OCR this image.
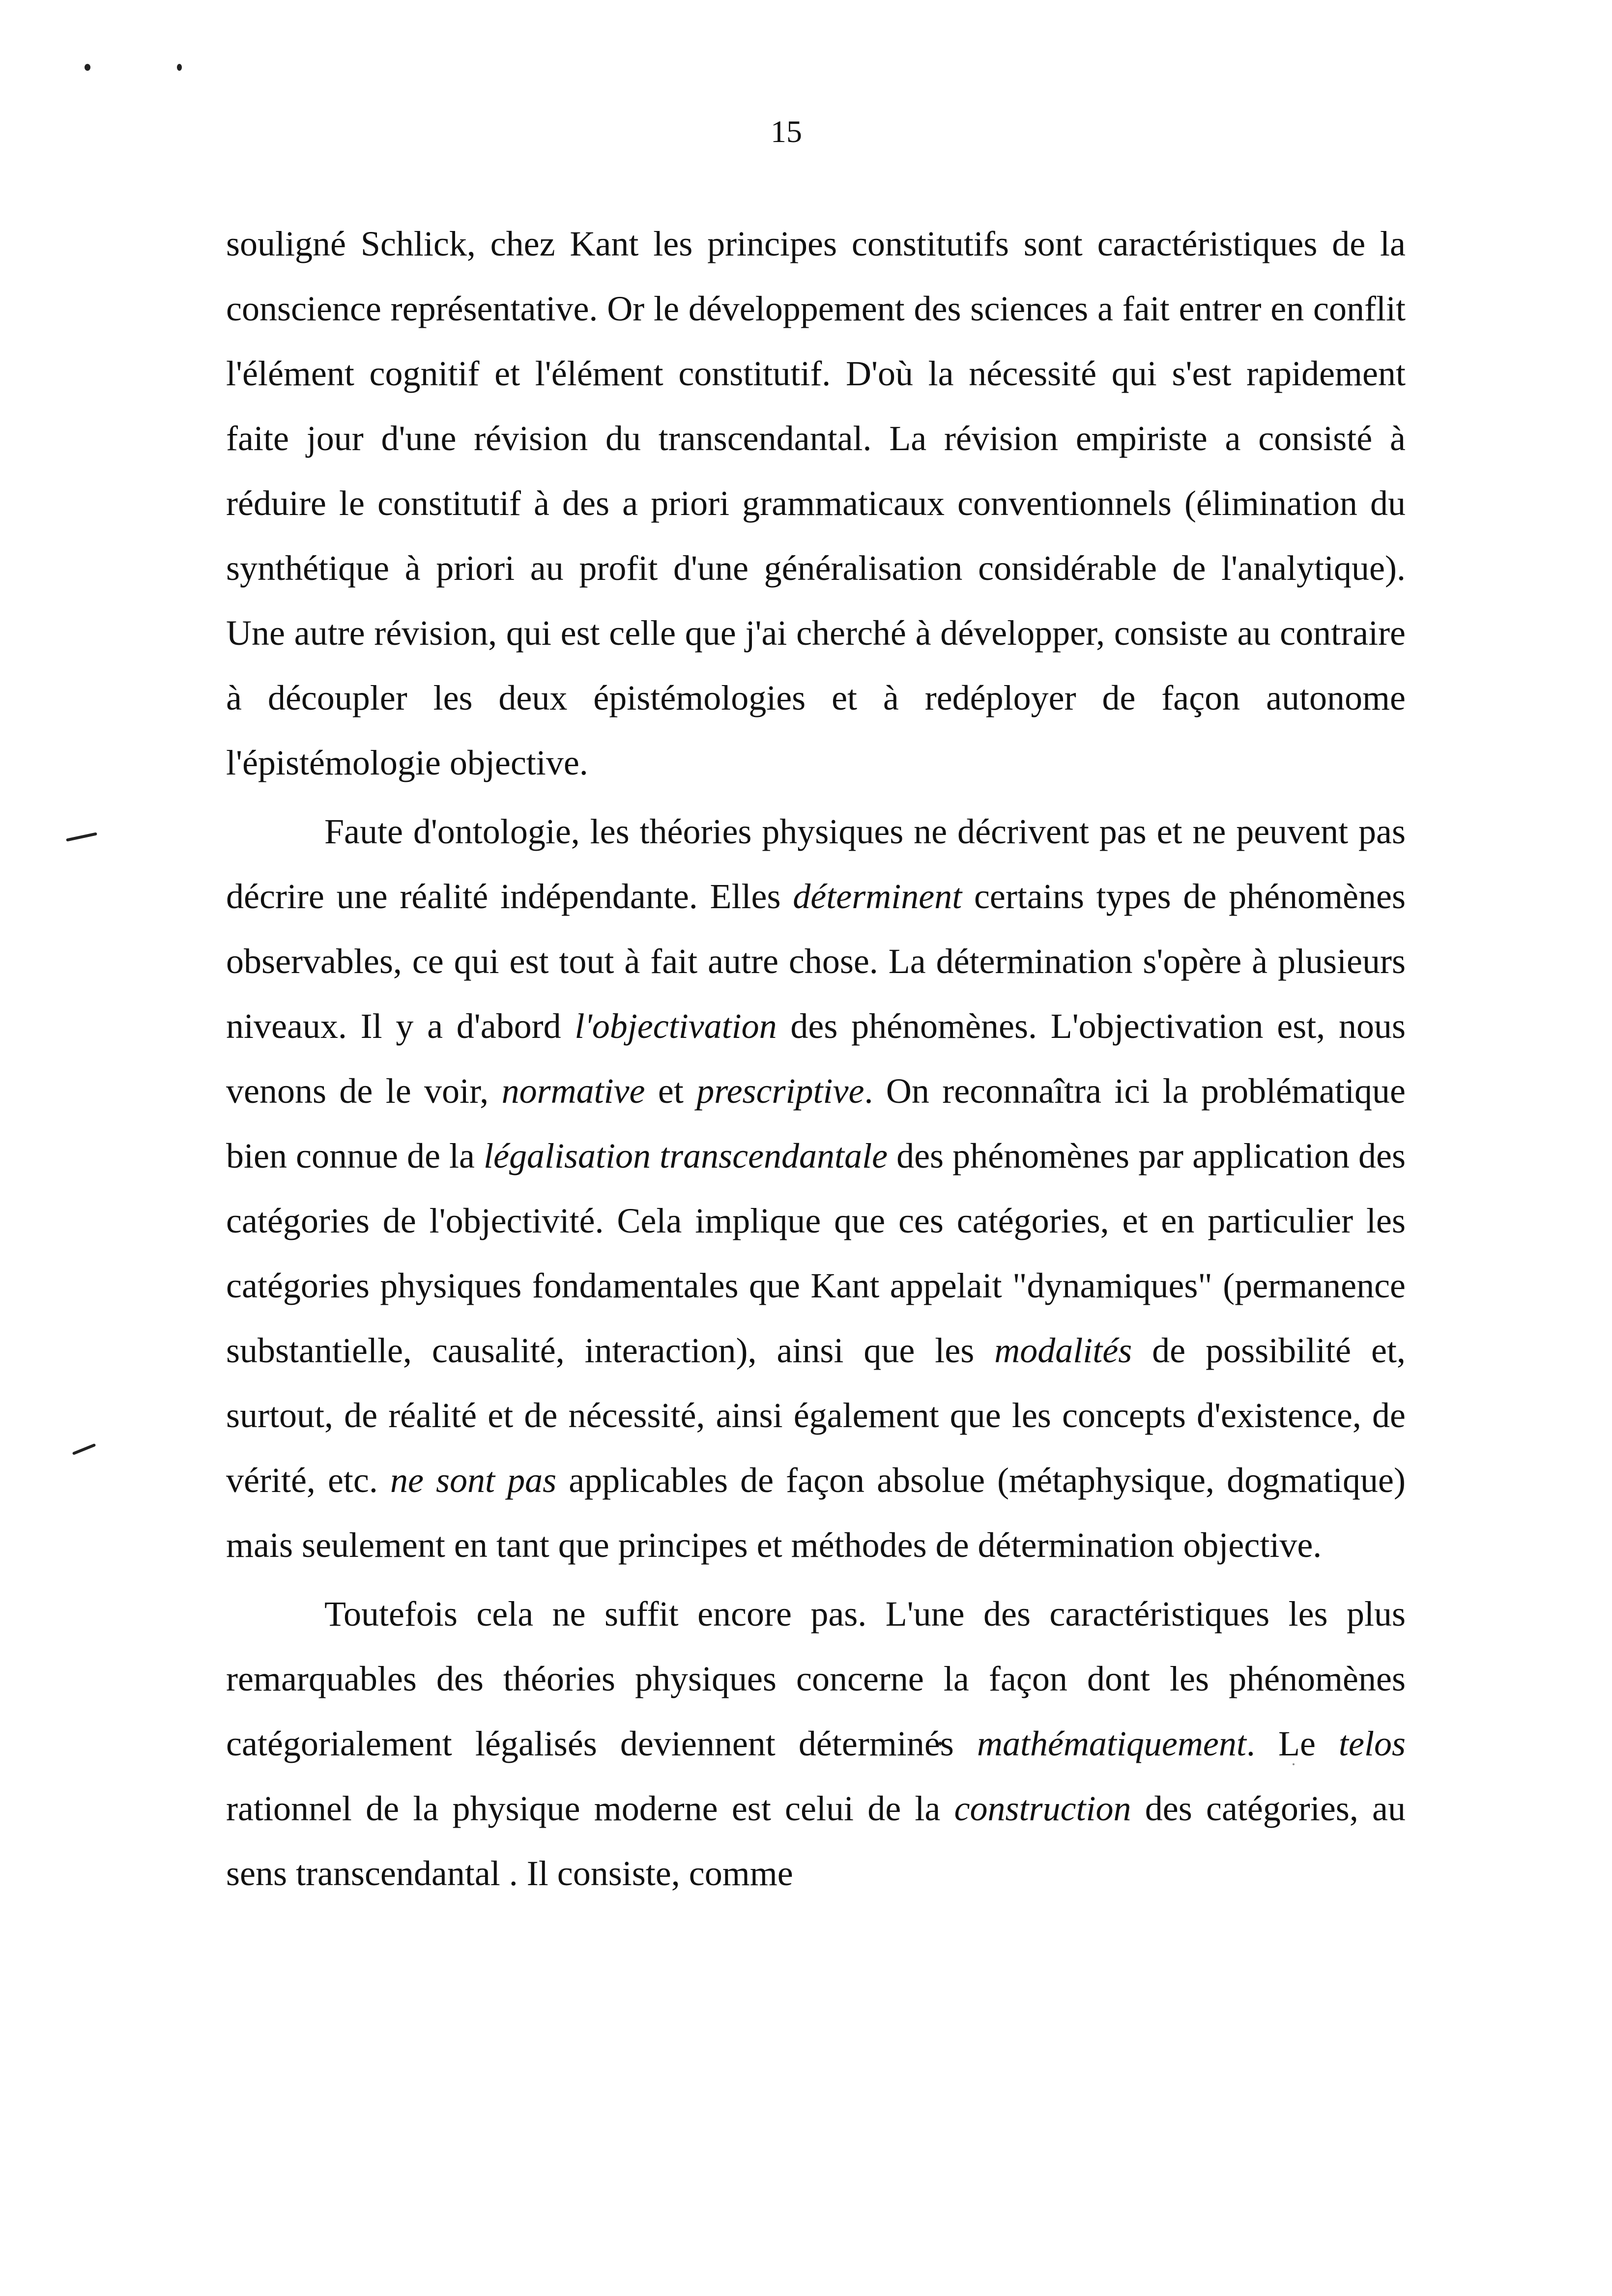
15

souligné Schlick, chez Kant les principes constitutifs sont caractéristiques de la conscience représentative. Or le développement des sciences a fait entrer en conflit l'élément cognitif et l'élément constitutif. D'où la nécessité qui s'est rapidement faite jour d'une révision du transcendantal. La révision empiriste a consisté à réduire le constitutif à des a priori grammaticaux conventionnels (élimination du synthétique à priori au profit d'une généralisation considérable de l'analytique). Une autre révision, qui est celle que j'ai cherché à développer, consiste au contraire à découpler les deux épistémologies et à redéployer de façon autonome l'épistémologie objective.

Faute d'ontologie, les théories physiques ne décrivent pas et ne peuvent pas décrire une réalité indépendante. Elles déterminent certains types de phénomènes observables, ce qui est tout à fait autre chose. La détermination s'opère à plusieurs niveaux. Il y a d'abord l'objectivation des phénomènes. L'objectivation est, nous venons de le voir, normative et prescriptive. On reconnaîtra ici la problématique bien connue de la légalisation transcendantale des phénomènes par application des catégories de l'objectivité. Cela implique que ces catégories, et en particulier les catégories physiques fondamentales que Kant appelait "dynamiques" (permanence substantielle, causalité, interaction), ainsi que les modalités de possibilité et, surtout, de réalité et de nécessité, ainsi également que les concepts d'existence, de vérité, etc. ne sont pas applicables de façon absolue (métaphysique, dogmatique) mais seulement en tant que principes et méthodes de détermination objective.

Toutefois cela ne suffit encore pas. L'une des caractéristiques les plus remarquables des théories physiques concerne la façon dont les phénomènes catégorialement légalisés deviennent déterminés mathématiquement. Le telos rationnel de la physique moderne est celui de la construction des catégories, au sens transcendantal . Il consiste, comme
